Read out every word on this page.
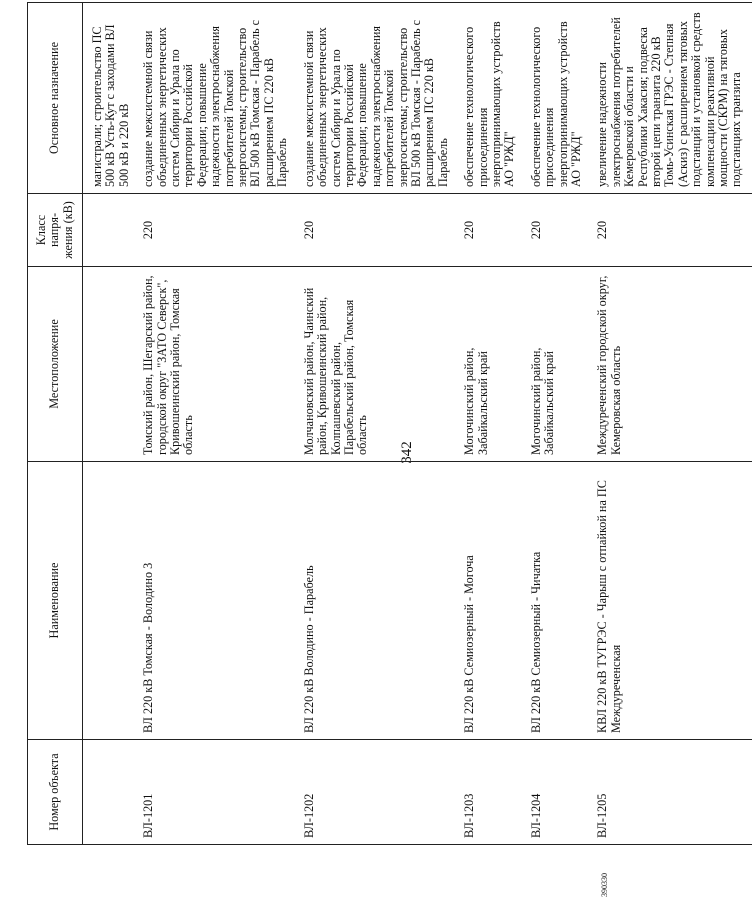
342
390330
Номер объекта	Наименование	Местоположение	Класс напря-жения (кВ)	Основное назначение
				магистрали; строительство ПС 500 кВ Усть-Кут с заходами ВЛ 500 кВ и 220 кВ
ВЛ-1201	ВЛ 220 кВ Томская - Володино 3	Томский район, Шегарский район, городской округ "ЗАТО Северск", Кривошеинский район, Томская область	220	создание межсистемной связи объединенных энергетических систем Сибири и Урала по территории Российской Федерации; повышение надежности электроснабжения потребителей Томской энергосистемы; строительство ВЛ 500 кВ Томская - Парабель с расширением ПС 220 кВ Парабель
ВЛ-1202	ВЛ 220 кВ Володино - Парабель	Молчановский район, Чаинский район, Кривошеинский район, Колпашевский район, Парабельский район, Томская область	220	создание межсистемной связи объединенных энергетических систем Сибири и Урала по территории Российской Федерации; повышение надежности электроснабжения потребителей Томской энергосистемы; строительство ВЛ 500 кВ Томская - Парабель с расширением ПС 220 кВ Парабель
ВЛ-1203	ВЛ 220 кВ Семиозерный - Могоча	Могочинский район, Забайкальский край	220	обеспечение технологического присоединения энергопринимающих устройств АО "РЖД"
ВЛ-1204	ВЛ 220 кВ Семиозерный - Чичатка	Могочинский район, Забайкальский край	220	обеспечение технологического присоединения энергопринимающих устройств АО "РЖД"
ВЛ-1205	КВЛ 220 кВ ТУГРЭС - Чарыш с отпайкой на ПС Междуреченская	Междуреченский городской округ, Кемеровская область	220	увеличение надежности электроснабжения потребителей Кемеровской области и Республики Хакасия; подвеска второй цепи транзита 220 кВ Томь-Усинская ГРЭС - Степная (Аскиз) с расширением тяговых подстанций и установкой средств компенсации реактивной мощности (СКРМ) на тяговых подстанциях транзита
